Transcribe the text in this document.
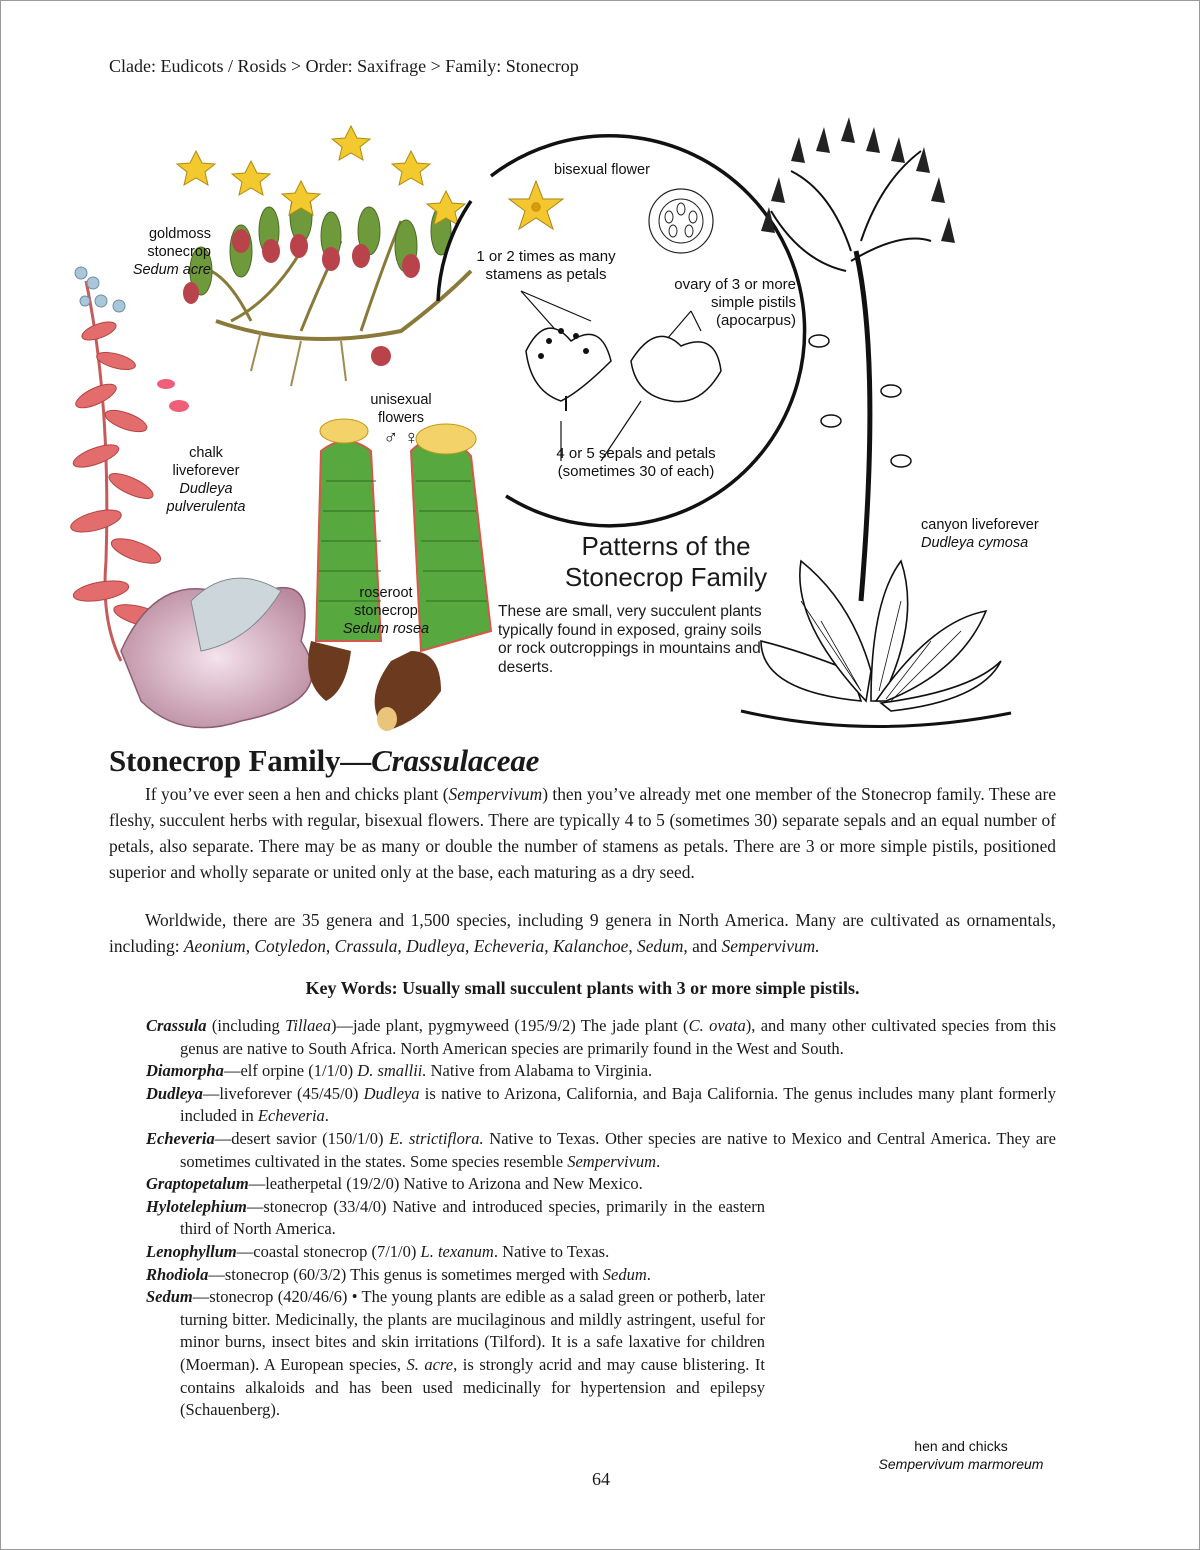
Clade: Eudicots / Rosids > Order: Saxifrage > Family: Stonecrop
goldmoss
stonecrop
Sedum acre
chalk
liveforever
Dudleya
pulverulenta
unisexual
flowers
♂ ♀
roseroot
stonecrop
Sedum rosea
canyon liveforever
Dudleya cymosa
bisexual flower
1 or 2 times as many
stamens as petals
ovary of 3 or more
simple pistils
(apocarpus)
4 or 5 sepals and petals
(sometimes 30 of each)
Patterns of the
Stonecrop Family
These are small, very succulent plants typically found in exposed, grainy soils or rock outcroppings in mountains and deserts.
Stonecrop Family—Crassulaceae

If you’ve ever seen a hen and chicks plant (Sempervivum) then you’ve already met one member of the Stonecrop family. These are fleshy, succulent herbs with regular, bisexual flowers. There are typically 4 to 5 (sometimes 30) separate sepals and an equal number of petals, also separate. There may be as many or double the number of stamens as petals. There are 3 or more simple pistils, positioned superior and wholly separate or united only at the base, each maturing as a dry seed.

Worldwide, there are 35 genera and 1,500 species, including 9 genera in North America. Many are cultivated as ornamentals, including: Aeonium, Cotyledon, Crassula, Dudleya, Echeveria, Kalanchoe, Sedum, and Sempervivum.

Key Words: Usually small succulent plants with 3 or more simple pistils.

Crassula (including Tillaea)—jade plant, pygmyweed (195/9/2) The jade plant (C. ovata), and many other cultivated species from this genus are native to South Africa. North American species are primarily found in the West and South.

Diamorpha—elf orpine (1/1/0) D. smallii. Native from Alabama to Virginia.

Dudleya—liveforever (45/45/0) Dudleya is native to Arizona, California, and Baja California. The genus includes many plant formerly included in Echeveria.

Echeveria—desert savior (150/1/0) E. strictiflora. Native to Texas. Other species are native to Mexico and Central America. They are sometimes cultivated in the states. Some species resemble Sempervivum.

Graptopetalum—leatherpetal (19/2/0) Native to Arizona and New Mexico.

Hylotelephium—stonecrop (33/4/0) Native and introduced species, primarily in the eastern third of North America.

Lenophyllum—coastal stonecrop (7/1/0) L. texanum. Native to Texas.

Rhodiola—stonecrop (60/3/2) This genus is sometimes merged with Sedum.

Sedum—stonecrop (420/46/6) • The young plants are edible as a salad green or potherb, later turning bitter. Medicinally, the plants are mucilaginous and mildly astringent, useful for minor burns, insect bites and skin irritations (Tilford). It is a safe laxative for children (Moerman). A European species, S. acre, is strongly acrid and may cause blistering. It contains alkaloids and has been used medicinally for hypertension and epilepsy (Schauenberg).

hen and chicks
Sempervivum marmoreum
64
